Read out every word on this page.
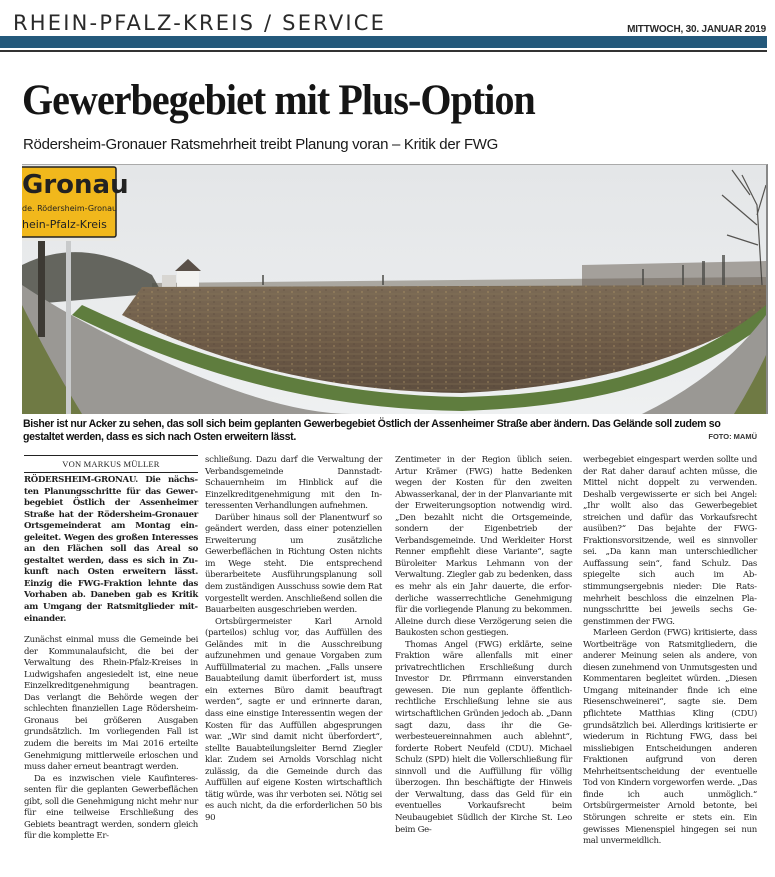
RHEIN-PFALZ-KREIS / SERVICE	MITTWOCH, 30. JANUAR 2019
Gewerbegebiet mit Plus-Option
Rödersheim-Gronauer Ratsmehrheit treibt Planung voran – Kritik der FWG
Gronau
de. Rödersheim-Gronau
hein-Pfalz-Kreis
Bisher ist nur Acker zu sehen, das soll sich beim geplanten Gewerbegebiet Östlich der Assenheimer Straße aber ändern. Das Gelände soll zudem so gestaltet werden, dass es sich nach Osten erweitern lässt.	FOTO: MAMÜ
VON MARKUS MÜLLER

RÖDERSHEIM-GRONAU. Die nächsten Planungsschritte für das Gewerbegebiet Östlich der Assenheimer Straße hat der Rödersheim-Gronauer Ortsgemeinderat am Montag eingeleitet. Wegen des großen Interesses an den Flächen soll das Areal so gestaltet werden, dass es sich in Zukunft nach Osten erweitern lässt. Einzig die FWG-Fraktion lehnte das Vorhaben ab. Daneben gab es Kritik am Umgang der Ratsmitglieder miteinander.

Zunächst einmal muss die Gemeinde bei der Kommunalaufsicht, die bei der Verwaltung des Rhein-Pfalz-Kreises in Ludwigshafen angesiedelt ist, eine neue Einzelkreditgenehmigung beantragen. Das verlangt die Behörde wegen der schlechten finanziellen Lage Rödersheim-Gronaus bei größeren Ausgaben grundsätzlich. Im vorliegenden Fall ist zudem die bereits im Mai 2016 erteilte Genehmigung mittlerweile erloschen und muss daher erneut beantragt werden.

Da es inzwischen viele Kaufinteressenten für die geplanten Gewerbeflächen gibt, soll die Genehmigung nicht mehr nur für eine teilweise Erschließung des Gebiets beantragt werden, sondern gleich für die komplette Er-

schließung. Dazu darf die Verwaltung der Verbandsgemeinde Dannstadt-Schauernheim im Hinblick auf die Einzelkreditgenehmigung mit den Interessenten Verhandlungen aufnehmen.

Darüber hinaus soll der Planentwurf so geändert werden, dass einer potenziellen Erweiterung um zusätzliche Gewerbeflächen in Richtung Osten nichts im Wege steht. Die entsprechend überarbeitete Ausführungsplanung soll dem zuständigen Ausschuss sowie dem Rat vorgestellt werden. Anschließend sollen die Bauarbeiten ausgeschrieben werden.

Ortsbürgermeister Karl Arnold (parteilos) schlug vor, das Auffüllen des Geländes mit in die Ausschreibung aufzunehmen und genaue Vorgaben zum Auffüllmaterial zu machen. „Falls unsere Bauabteilung damit überfordert ist, muss ein externes Büro damit beauftragt werden“, sagte er und erinnerte daran, dass eine einstige Interessentin wegen der Kosten für das Auffüllen abgesprungen war. „Wir sind damit nicht überfordert“, stellte Bauabteilungsleiter Bernd Ziegler klar. Zudem sei Arnolds Vorschlag nicht zulässig, da die Gemeinde durch das Auffüllen auf eigene Kosten wirtschaftlich tätig würde, was ihr verboten sei. Nötig sei es auch nicht, da die erforderlichen 50 bis 90

Zentimeter in der Region üblich seien. Artur Krämer (FWG) hatte Bedenken wegen der Kosten für den zweiten Abwasserkanal, der in der Planvariante mit der Erweiterungsoption notwendig wird. „Den bezahlt nicht die Ortsgemeinde, sondern der Eigenbetrieb der Verbandsgemeinde. Und Werkleiter Horst Renner empfiehlt diese Variante“, sagte Büroleiter Markus Lehmann von der Verwaltung. Ziegler gab zu bedenken, dass es mehr als ein Jahr dauerte, die erforderliche wasserrechtliche Genehmigung für die vorliegende Planung zu bekommen. Alleine durch diese Verzögerung seien die Baukosten schon gestiegen.

Thomas Angel (FWG) erklärte, seine Fraktion wäre allenfalls mit einer privatrechtlichen Erschließung durch Investor Dr. Pfirrmann einverstanden gewesen. Die nun geplante öffentlich-rechtliche Erschließung lehne sie aus wirtschaftlichen Gründen jedoch ab. „Dann sagt dazu, dass ihr die Gewerbesteuereinnahmen auch ablehnt“, forderte Robert Neufeld (CDU). Michael Schulz (SPD) hielt die Vollerschließung für sinnvoll und die Auffüllung für völlig überzogen. Ihn beschäftigte der Hinweis der Verwaltung, dass das Geld für ein eventuelles Vorkaufsrecht beim Neubaugebiet Südlich der Kirche St. Leo beim Ge-

werbegebiet eingespart werden sollte und der Rat daher darauf achten müsse, die Mittel nicht doppelt zu verwenden. Deshalb vergewisserte er sich bei Angel: „Ihr wollt also das Gewerbegebiet streichen und dafür das Vorkaufsrecht ausüben?“ Das bejahte der FWG-Fraktionsvorsitzende, weil es sinnvoller sei. „Da kann man unterschiedlicher Auffassung sein“, fand Schulz. Das spiegelte sich auch im Abstimmungsergebnis nieder: Die Ratsmehrheit beschloss die einzelnen Planungsschritte bei jeweils sechs Gegenstimmen der FWG.

Marleen Gerdon (FWG) kritisierte, dass Wortbeiträge von Ratsmitgliedern, die anderer Meinung seien als andere, von diesen zunehmend von Unmutsgesten und Kommentaren begleitet würden. „Diesen Umgang miteinander finde ich eine Riesenschweinerei“, sagte sie. Dem pflichtete Matthias Kling (CDU) grundsätzlich bei. Allerdings kritisierte er wiederum in Richtung FWG, dass bei missliebigen Entscheidungen anderen Fraktionen aufgrund von deren Mehrheitsentscheidung der eventuelle Tod von Kindern vorgeworfen werde. „Das finde ich auch unmöglich.“ Ortsbürgermeister Arnold betonte, bei Störungen schreite er stets ein. Ein gewisses Mienenspiel hingegen sei nun mal unvermeidlich.
